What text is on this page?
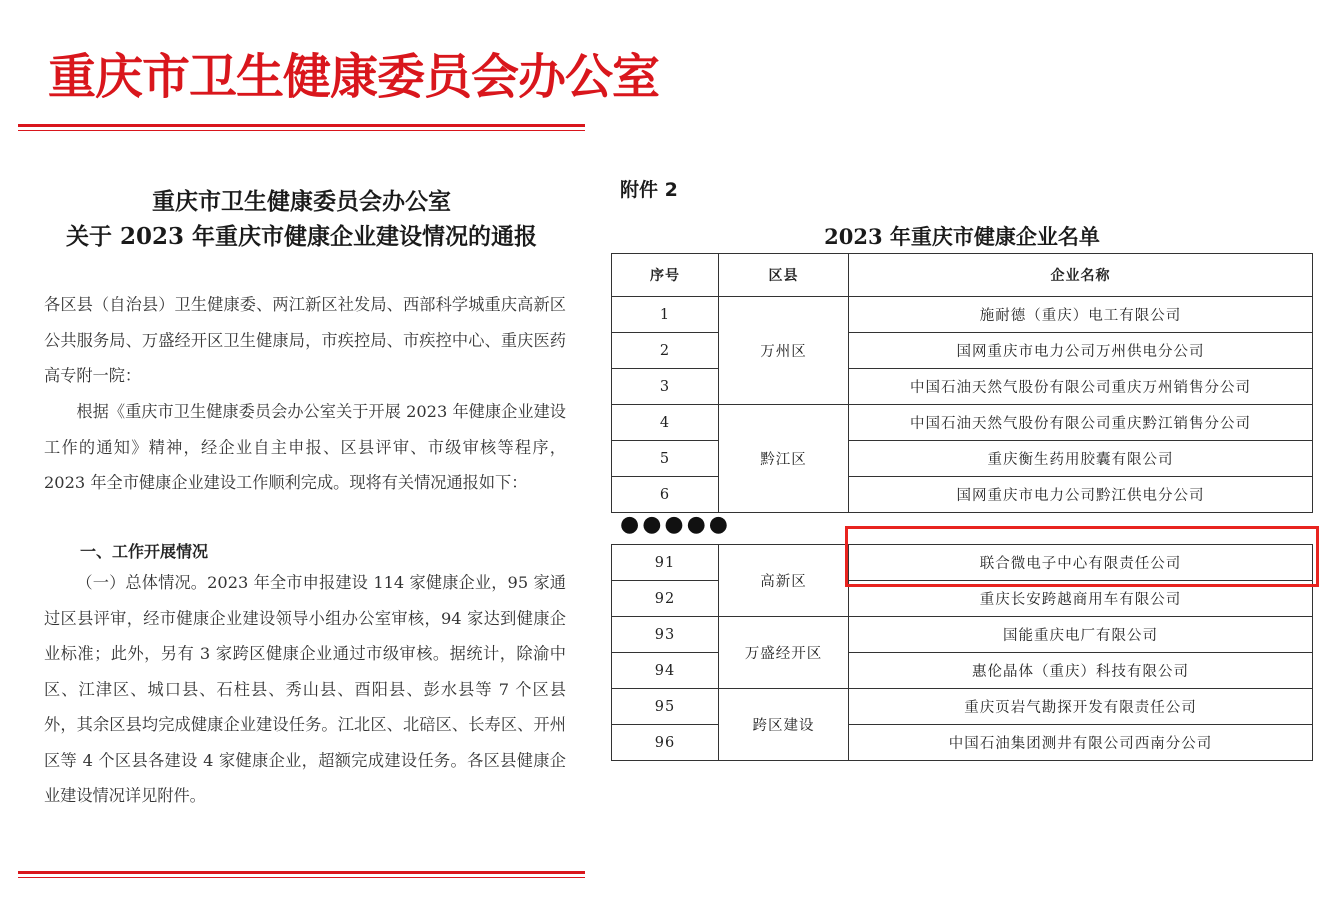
重庆市卫生健康委员会办公室
重庆市卫生健康委员会办公室
关于 2023 年重庆市健康企业建设情况的通报
各区县（自治县）卫生健康委、两江新区社发局、西部科学城重庆高新区公共服务局、万盛经开区卫生健康局，市疾控局、市疾控中心、重庆医药高专附一院：
根据《重庆市卫生健康委员会办公室关于开展 2023 年健康企业建设工作的通知》精神，经企业自主申报、区县评审、市级审核等程序，2023 年全市健康企业建设工作顺利完成。现将有关情况通报如下：
一、工作开展情况
（一）总体情况。2023 年全市申报建设 114 家健康企业，95 家通过区县评审，经市健康企业建设领导小组办公室审核，94 家达到健康企业标准；此外，另有 3 家跨区健康企业通过市级审核。据统计，除渝中区、江津区、城口县、石柱县、秀山县、酉阳县、彭水县等 7 个区县外，其余区县均完成健康企业建设任务。江北区、北碚区、长寿区、开州区等 4 个区县各建设 4 家健康企业，超额完成建设任务。各区县健康企业建设情况详见附件。
附件 2
2023 年重庆市健康企业名单
序号	区县	企业名称
1	万州区	施耐德（重庆）电工有限公司
2		国网重庆市电力公司万州供电分公司
3		中国石油天然气股份有限公司重庆万州销售分公司
4	黔江区	中国石油天然气股份有限公司重庆黔江销售分公司
5		重庆衡生药用胶囊有限公司
6		国网重庆市电力公司黔江供电分公司
●●●●●
91	高新区	联合微电子中心有限责任公司
92		重庆长安跨越商用车有限公司
93	万盛经开区	国能重庆电厂有限公司
94		惠伦晶体（重庆）科技有限公司
95	跨区建设	重庆页岩气勘探开发有限责任公司
96		中国石油集团测井有限公司西南分公司
